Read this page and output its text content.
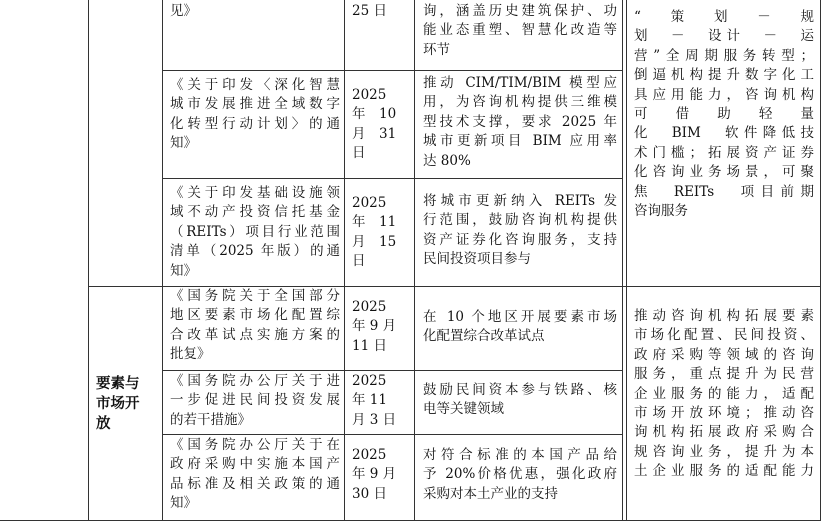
见》	25 日	询，涵盖历史建筑保护、功
能业态重塑、智慧化改造等
环节
《关于印发〈深化智慧
城市发展推进全域数字
化转型行动计划〉的通
知》
2025
年　10
月　31
日
推动 CIM/TIM/BIM 模型应
用，为咨询机构提供三维模
型技术支撑，要求 2025 年
城市更新项目 BIM 应用率
达 80%
《关于印发基础设施领
域不动产投资信托基金
（REITs）项目行业范围
清单（2025 年版）的通
知》
2025
年　11
月　15
日
将城市更新纳入 REITs 发
行范围，鼓励咨询机构提供
资产证券化咨询服务，支持
民间投资项目参与
“　策　划　－　规
划　－　设计　－　运
营”全周期服务转型；
倒逼机构提升数字化工
具应用能力，咨询机构
可　借　助　轻　量
化　BIM　软件降低技
术门槛；拓展资产证券
化咨询业务场景，可聚
焦　REITs　项目前期
咨询服务
要素与
市场开
放
《国务院关于全国部分
地区要素市场化配置综
合改革试点实施方案的
批复》
2025
年 9 月
11 日
在 10 个地区开展要素市场
化配置综合改革试点
《国务院办公厅关于进
一步促进民间投资发展
的若干措施》
2025
年 11
月 3 日
鼓励民间资本参与铁路、核
电等关键领域
《国务院办公厅关于在
政府采购中实施本国产
品标准及相关政策的通
知》
2025
年 9 月
30 日
对符合标准的本国产品给
予 20%价格优惠，强化政府
采购对本土产业的支持
推动咨询机构拓展要素
市场化配置、民间投资、
政府采购等领域的咨询
服务，重点提升为民营
企业服务的能力，适配
市场开放环境；推动咨
询机构拓展政府采购合
规咨询业务，提升为本
土企业服务的适配能力
